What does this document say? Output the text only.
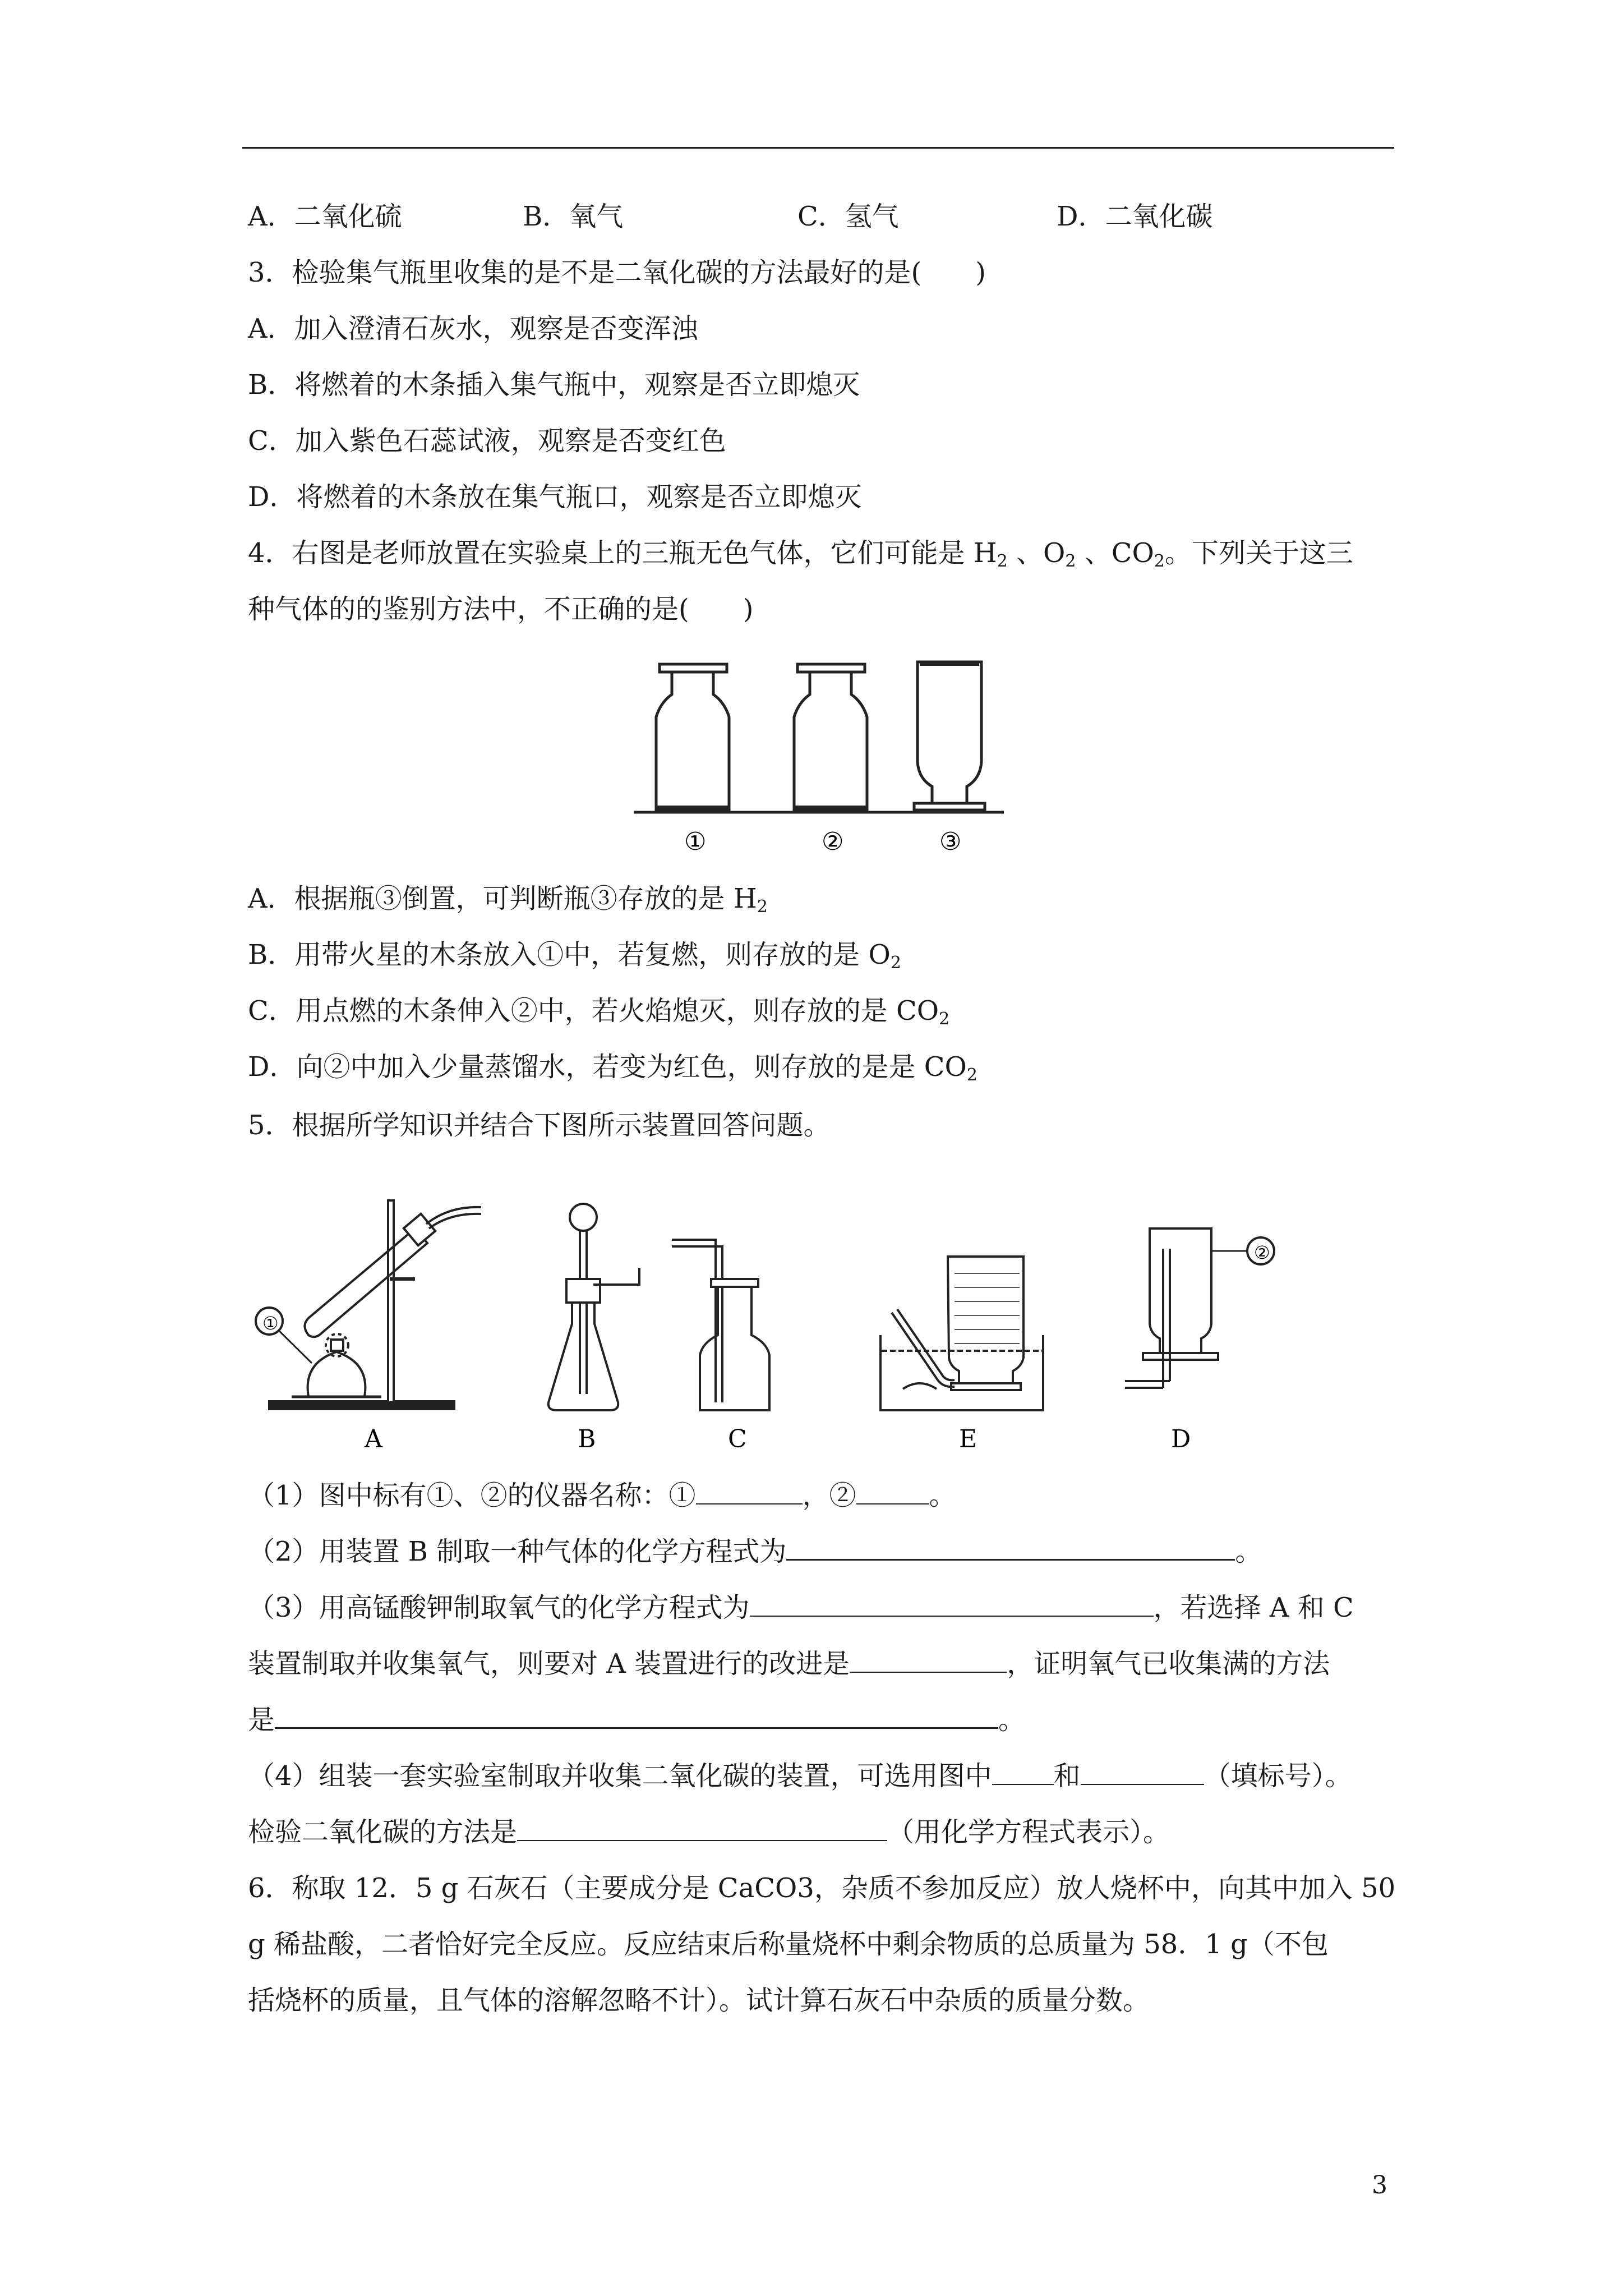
A．二氧化硫	B．氧气	C．氢气	D．二氧化碳
3．检验集气瓶里收集的是不是二氧化碳的方法最好的是(　　)
A．加入澄清石灰水，观察是否变浑浊
B．将燃着的木条插入集气瓶中，观察是否立即熄灭
C．加入紫色石蕊试液，观察是否变红色
D．将燃着的木条放在集气瓶口，观察是否立即熄灭
4．右图是老师放置在实验桌上的三瓶无色气体，它们可能是 $H_2$ 、$O_2$ 、$CO_2$。下列关于这三
种气体的的鉴别方法中，不正确的是(　　)
①	②	③
A．根据瓶③倒置，可判断瓶③存放的是 $H_2$
B．用带火星的木条放入①中，若复燃，则存放的是 $O_2$
C．用点燃的木条伸入②中，若火焰熄灭，则存放的是 $CO_2$
D．向②中加入少量蒸馏水，若变为红色，则存放的是是 $CO_2$
5．根据所学知识并结合下图所示装置回答问题。
①
②
A	B	C	E	D
（1）图中标有①、②的仪器名称：①	，②	。
（2）用装置 B 制取一种气体的化学方程式为	。
（3）用高锰酸钾制取氧气的化学方程式为	，若选择 A 和 C
装置制取并收集氧气，则要对 A 装置进行的改进是	，证明氧气已收集满的方法
是	。
（4）组装一套实验室制取并收集二氧化碳的装置，可选用图中 和	（填标号）。
检验二氧化碳的方法是	（用化学方程式表示）。
6．称取 12．5 g 石灰石（主要成分是 CaCO3，杂质不参加反应）放人烧杯中，向其中加入 50
g 稀盐酸，二者恰好完全反应。反应结束后称量烧杯中剩余物质的总质量为 58．1 g（不包
括烧杯的质量，且气体的溶解忽略不计）。试计算石灰石中杂质的质量分数。
3
